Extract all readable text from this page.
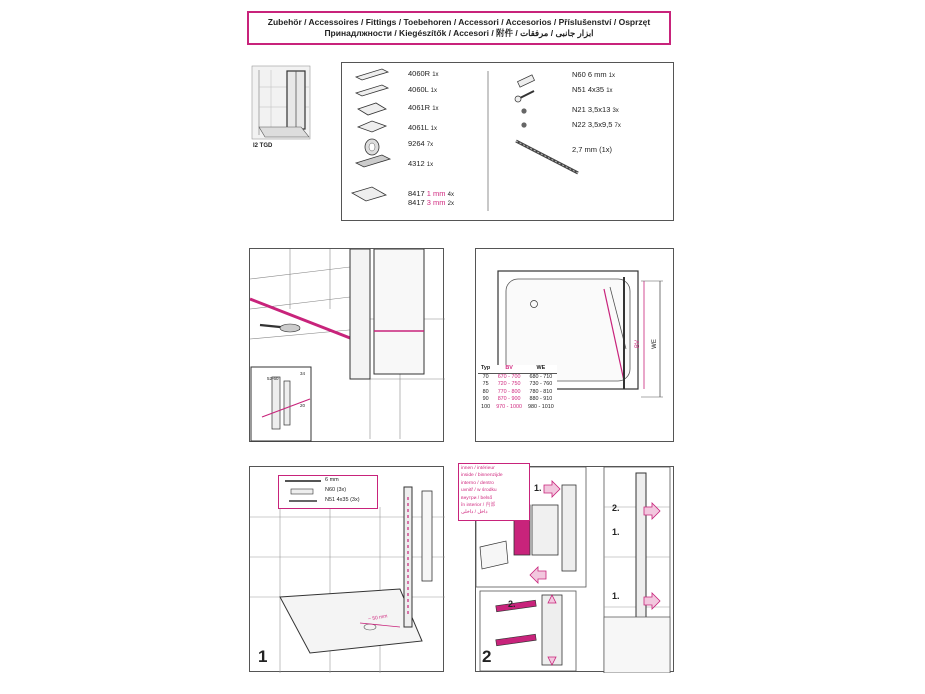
Zubehör / Accessoires / Fittings / Toebehoren / Accessori / Accesorios / Příslušenství / Osprzęt
Принадлжности / Kiegészítők / Accesori / 附件 / ابزار جانبی / مرفقات
I2 TGD
4060R 1x
4060L 1x
4061R 1x
4061L 1x
9264 7x
4312 1x
8417 1 mm 4x
8417 3 mm 2x
N60 6 mm 1x
N51 4x35 1x
N21 3,5x13 3x
N22 3,5x9,5 7x
2,7 mm (1x)
52-60
34
20
BV WE
Typ	BV	WE
70	670 - 700	680 - 710
75	720 - 750	730 - 760
80	770 - 800	780 - 810
90	870 - 900	880 - 910
100	970 - 1000	980 - 1010
6 mm
N60 (3x)
N51 4x35 (3x)
~ 50 mm
1
innen / intérieur
inside / binnenzijde
interno / dentro
uvnitř / w środku
внутри / belső
în interior / 内部
داخل / داخلی
1.
2.
1.
2.
1.
2
